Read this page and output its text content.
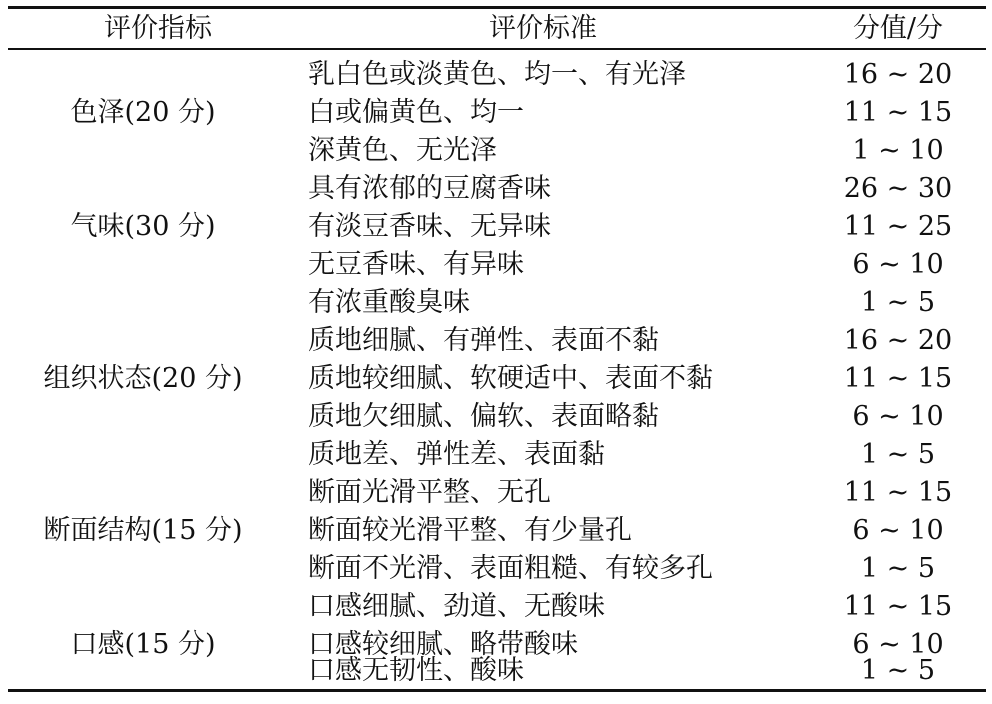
评价指标	评价标准	分值/分
色泽(20 分)
乳白色或淡黄色、均一、有光泽	16 ~ 20
白或偏黄色、均一	11 ~ 15
深黄色、无光泽	1 ~ 10
气味(30 分)
具有浓郁的豆腐香味	26 ~ 30
有淡豆香味、无异味	11 ~ 25
无豆香味、有异味	6 ~ 10
有浓重酸臭味	1 ~ 5
组织状态(20 分)
质地细腻、有弹性、表面不黏	16 ~ 20
质地较细腻、软硬适中、表面不黏	11 ~ 15
质地欠细腻、偏软、表面略黏	6 ~ 10
质地差、弹性差、表面黏	1 ~ 5
断面结构(15 分)
断面光滑平整、无孔	11 ~ 15
断面较光滑平整、有少量孔	6 ~ 10
断面不光滑、表面粗糙、有较多孔	1 ~ 5
口感(15 分)
口感细腻、劲道、无酸味	11 ~ 15
口感较细腻、略带酸味	6 ~ 10
口感无韧性、酸味	1 ~ 5
